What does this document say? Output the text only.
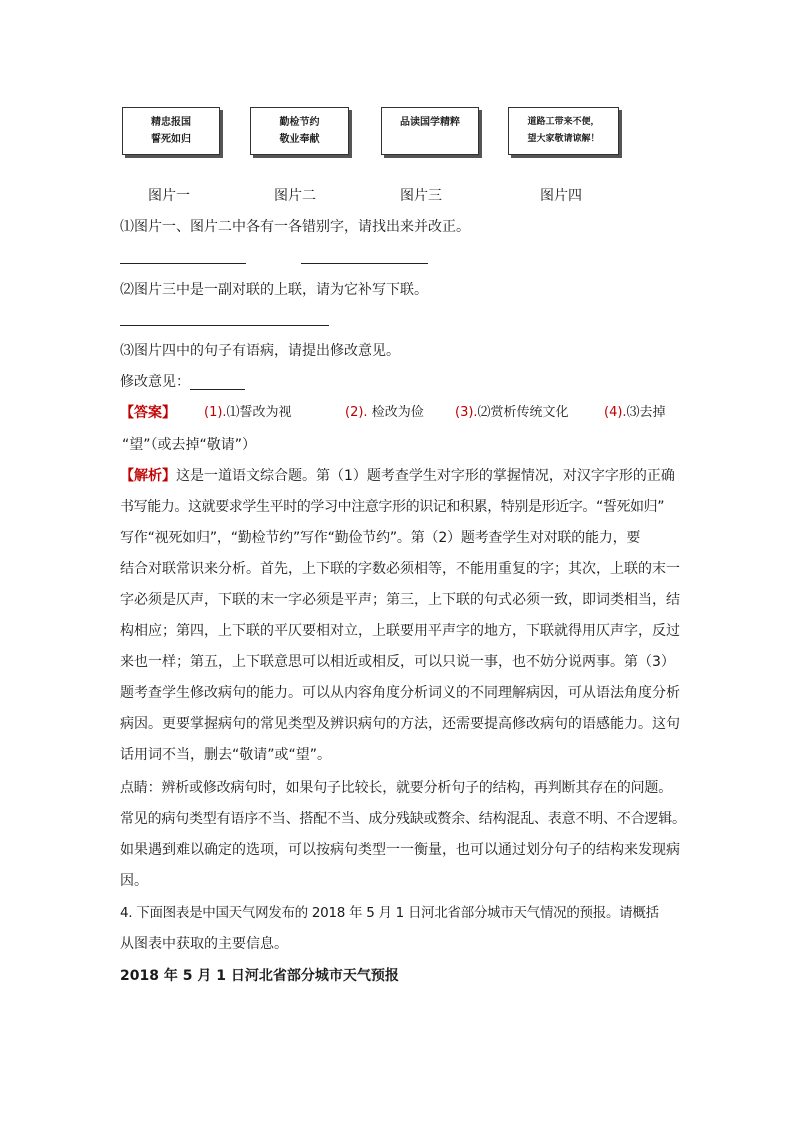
精忠报国
誓死如归
勤检节约
敬业奉献
品读国学精粹	道路工带来不便，
望大家敬请谅解！
图片一	图片二	图片三	图片四
⑴图片一、图片二中各有一各错别字，请找出来并改正。
⑵图片三中是一副对联的上联，请为它补写下联。
⑶图片四中的句子有语病，请提出修改意见。
修改意见：
【答案】	(1).⑴誓改为视	(2). 检改为俭 (3).⑵赏析传统文化	(4).⑶去掉
“望”（或去掉“敬请”）
【解析】这是一道语文综合题。第（1）题考查学生对字形的掌握情况，对汉字字形的正确
书写能力。这就要求学生平时的学习中注意字形的识记和积累，特别是形近字。“誓死如归”
写作“视死如归”，“勤检节约”写作“勤俭节约”。第（2）题考查学生对对联的能力，要
结合对联常识来分析。首先，上下联的字数必须相等，不能用重复的字；其次，上联的末一
字必须是仄声，下联的末一字必须是平声；第三，上下联的句式必须一致，即词类相当，结
构相应；第四，上下联的平仄要相对立，上联要用平声字的地方，下联就得用仄声字，反过
来也一样；第五，上下联意思可以相近或相反，可以只说一事，也不妨分说两事。第（3）
题考查学生修改病句的能力。可以从内容角度分析词义的不同理解病因，可从语法角度分析
病因。更要掌握病句的常见类型及辨识病句的方法，还需要提高修改病句的语感能力。这句
话用词不当，删去“敬请”或“望”。
点睛：辨析或修改病句时，如果句子比较长，就要分析句子的结构，再判断其存在的问题。
常见的病句类型有语序不当、搭配不当、成分残缺或赘余、结构混乱、表意不明、不合逻辑。
如果遇到难以确定的选项，可以按病句类型一一衡量，也可以通过划分句子的结构来发现病
因。
4. 下面图表是中国天气网发布的 2018 年 5 月 1 日河北省部分城市天气情况的预报。请概括
从图表中获取的主要信息。
2018 年 5 月 1 日河北省部分城市天气预报
